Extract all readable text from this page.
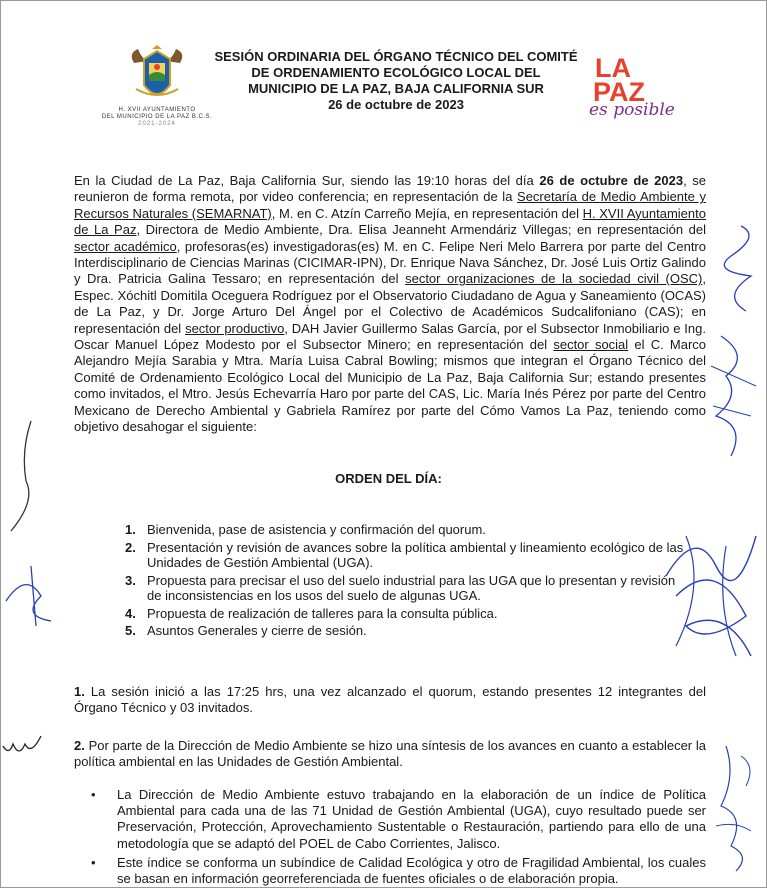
H. XVII AYUNTAMIENTO
DEL MUNICIPIO DE LA PAZ B.C.S.
2021-2024
SESIÓN ORDINARIA DEL ÓRGANO TÉCNICO DEL COMITÉ
DE ORDENAMIENTO ECOLÓGICO LOCAL DEL
MUNICIPIO DE LA PAZ, BAJA CALIFORNIA SUR
26 de octubre de 2023
LA
PAZ
es posible
En la Ciudad de La Paz, Baja California Sur, siendo las 19:10 horas del día 26 de octubre de 2023, se reunieron de forma remota, por video conferencia; en representación de la Secretaría de Medio Ambiente y Recursos Naturales (SEMARNAT), M. en C. Atzín Carreño Mejía, en representación del H. XVII Ayuntamiento de La Paz, Directora de Medio Ambiente, Dra. Elisa Jeanneht Armendáriz Villegas; en representación del sector académico, profesoras(es) investigadoras(es) M. en C. Felipe Neri Melo Barrera por parte del Centro Interdisciplinario de Ciencias Marinas (CICIMAR-IPN), Dr. Enrique Nava Sánchez, Dr. José Luis Ortiz Galindo y Dra. Patricia Galina Tessaro; en representación del sector organizaciones de la sociedad civil (OSC), Espec. Xóchitl Domitila Oceguera Rodríguez por el Observatorio Ciudadano de Agua y Saneamiento (OCAS) de La Paz, y Dr. Jorge Arturo Del Ángel por el Colectivo de Académicos Sudcalifoniano (CAS); en representación del sector productivo, DAH Javier Guillermo Salas García, por el Subsector Inmobiliario e Ing. Oscar Manuel López Modesto por el Subsector Minero; en representación del sector social el C. Marco Alejandro Mejía Sarabia y Mtra. María Luisa Cabral Bowling; mismos que integran el Órgano Técnico del Comité de Ordenamiento Ecológico Local del Municipio de La Paz, Baja California Sur; estando presentes como invitados, el Mtro. Jesús Echevarría Haro por parte del CAS, Lic. María Inés Pérez por parte del Centro Mexicano de Derecho Ambiental y Gabriela Ramírez por parte del Cómo Vamos La Paz, teniendo como objetivo desahogar el siguiente:
ORDEN DEL DÍA:
1. Bienvenida, pase de asistencia y confirmación del quorum.
2. Presentación y revisión de avances sobre la política ambiental y lineamiento ecológico de las Unidades de Gestión Ambiental (UGA).
3. Propuesta para precisar el uso del suelo industrial para las UGA que lo presentan y revisión de inconsistencias en los usos del suelo de algunas UGA.
4. Propuesta de realización de talleres para la consulta pública.
5. Asuntos Generales y cierre de sesión.
1. La sesión inició a las 17:25 hrs, una vez alcanzado el quorum, estando presentes 12 integrantes del Órgano Técnico y 03 invitados.
2. Por parte de la Dirección de Medio Ambiente se hizo una síntesis de los avances en cuanto a establecer la política ambiental en las Unidades de Gestión Ambiental.
•	La Dirección de Medio Ambiente estuvo trabajando en la elaboración de un índice de Política Ambiental para cada una de las 71 Unidad de Gestión Ambiental (UGA), cuyo resultado puede ser Preservación, Protección, Aprovechamiento Sustentable o Restauración, partiendo para ello de una metodología que se adaptó del POEL de Cabo Corrientes, Jalisco.
•	Este índice se conforma un subíndice de Calidad Ecológica y otro de Fragilidad Ambiental, los cuales se basan en información georreferenciada de fuentes oficiales o de elaboración propia.
